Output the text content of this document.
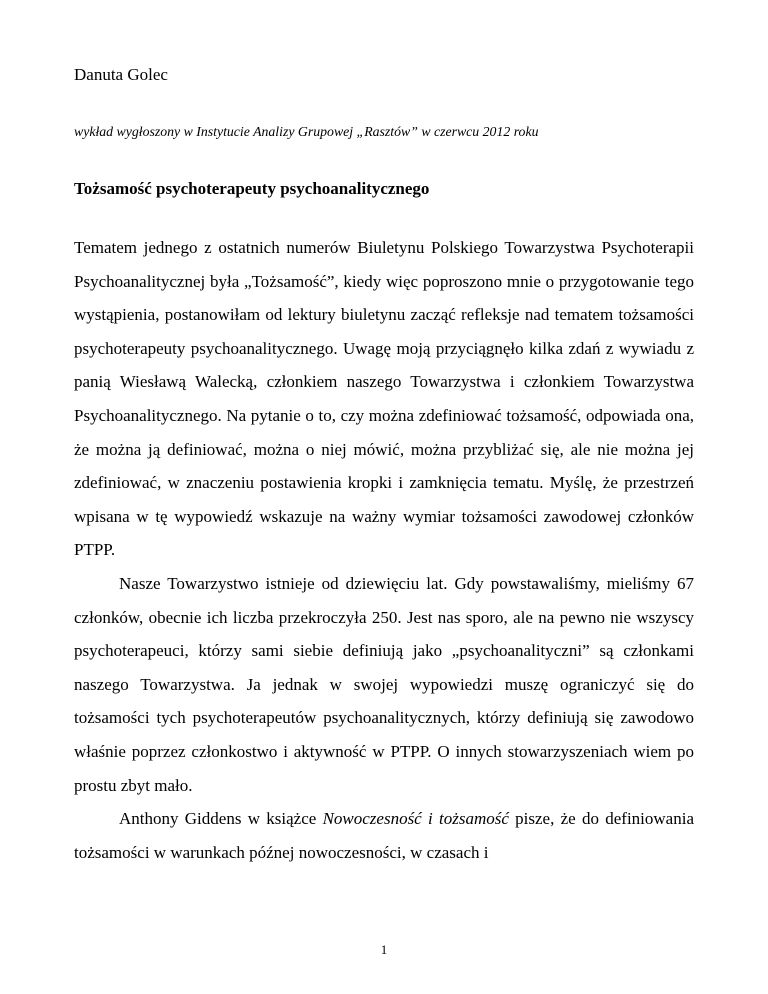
Danuta Golec
wykład wygłoszony w Instytucie Analizy Grupowej „Rasztów” w czerwcu 2012 roku
Tożsamość psychoterapeuty psychoanalitycznego

Tematem jednego z ostatnich numerów Biuletynu Polskiego Towarzystwa Psychoterapii Psychoanalitycznej była „Tożsamość”, kiedy więc poproszono mnie o przygotowanie tego wystąpienia, postanowiłam od lektury biuletynu zacząć refleksje nad tematem tożsamości psychoterapeuty psychoanalitycznego. Uwagę moją przyciągnęło kilka zdań z wywiadu z panią Wiesławą Walecką, członkiem naszego Towarzystwa i członkiem Towarzystwa Psychoanalitycznego. Na pytanie o to, czy można zdefiniować tożsamość, odpowiada ona, że można ją definiować, można o niej mówić, można przybliżać się, ale nie można jej zdefiniować, w znaczeniu postawienia kropki i zamknięcia tematu. Myślę, że przestrzeń wpisana w tę wypowiedź wskazuje na ważny wymiar tożsamości zawodowej członków PTPP.

Nasze Towarzystwo istnieje od dziewięciu lat. Gdy powstawaliśmy, mieliśmy 67 członków, obecnie ich liczba przekroczyła 250. Jest nas sporo, ale na pewno nie wszyscy psychoterapeuci, którzy sami siebie definiują jako „psychoanalityczni” są członkami naszego Towarzystwa. Ja jednak w swojej wypowiedzi muszę ograniczyć się do tożsamości tych psychoterapeutów psychoanalitycznych, którzy definiują się zawodowo właśnie poprzez członkostwo i aktywność w PTPP. O innych stowarzyszeniach wiem po prostu zbyt mało.

Anthony Giddens w książce Nowoczesność i tożsamość pisze, że do definiowania tożsamości w warunkach późnej nowoczesności, w czasach i

1
